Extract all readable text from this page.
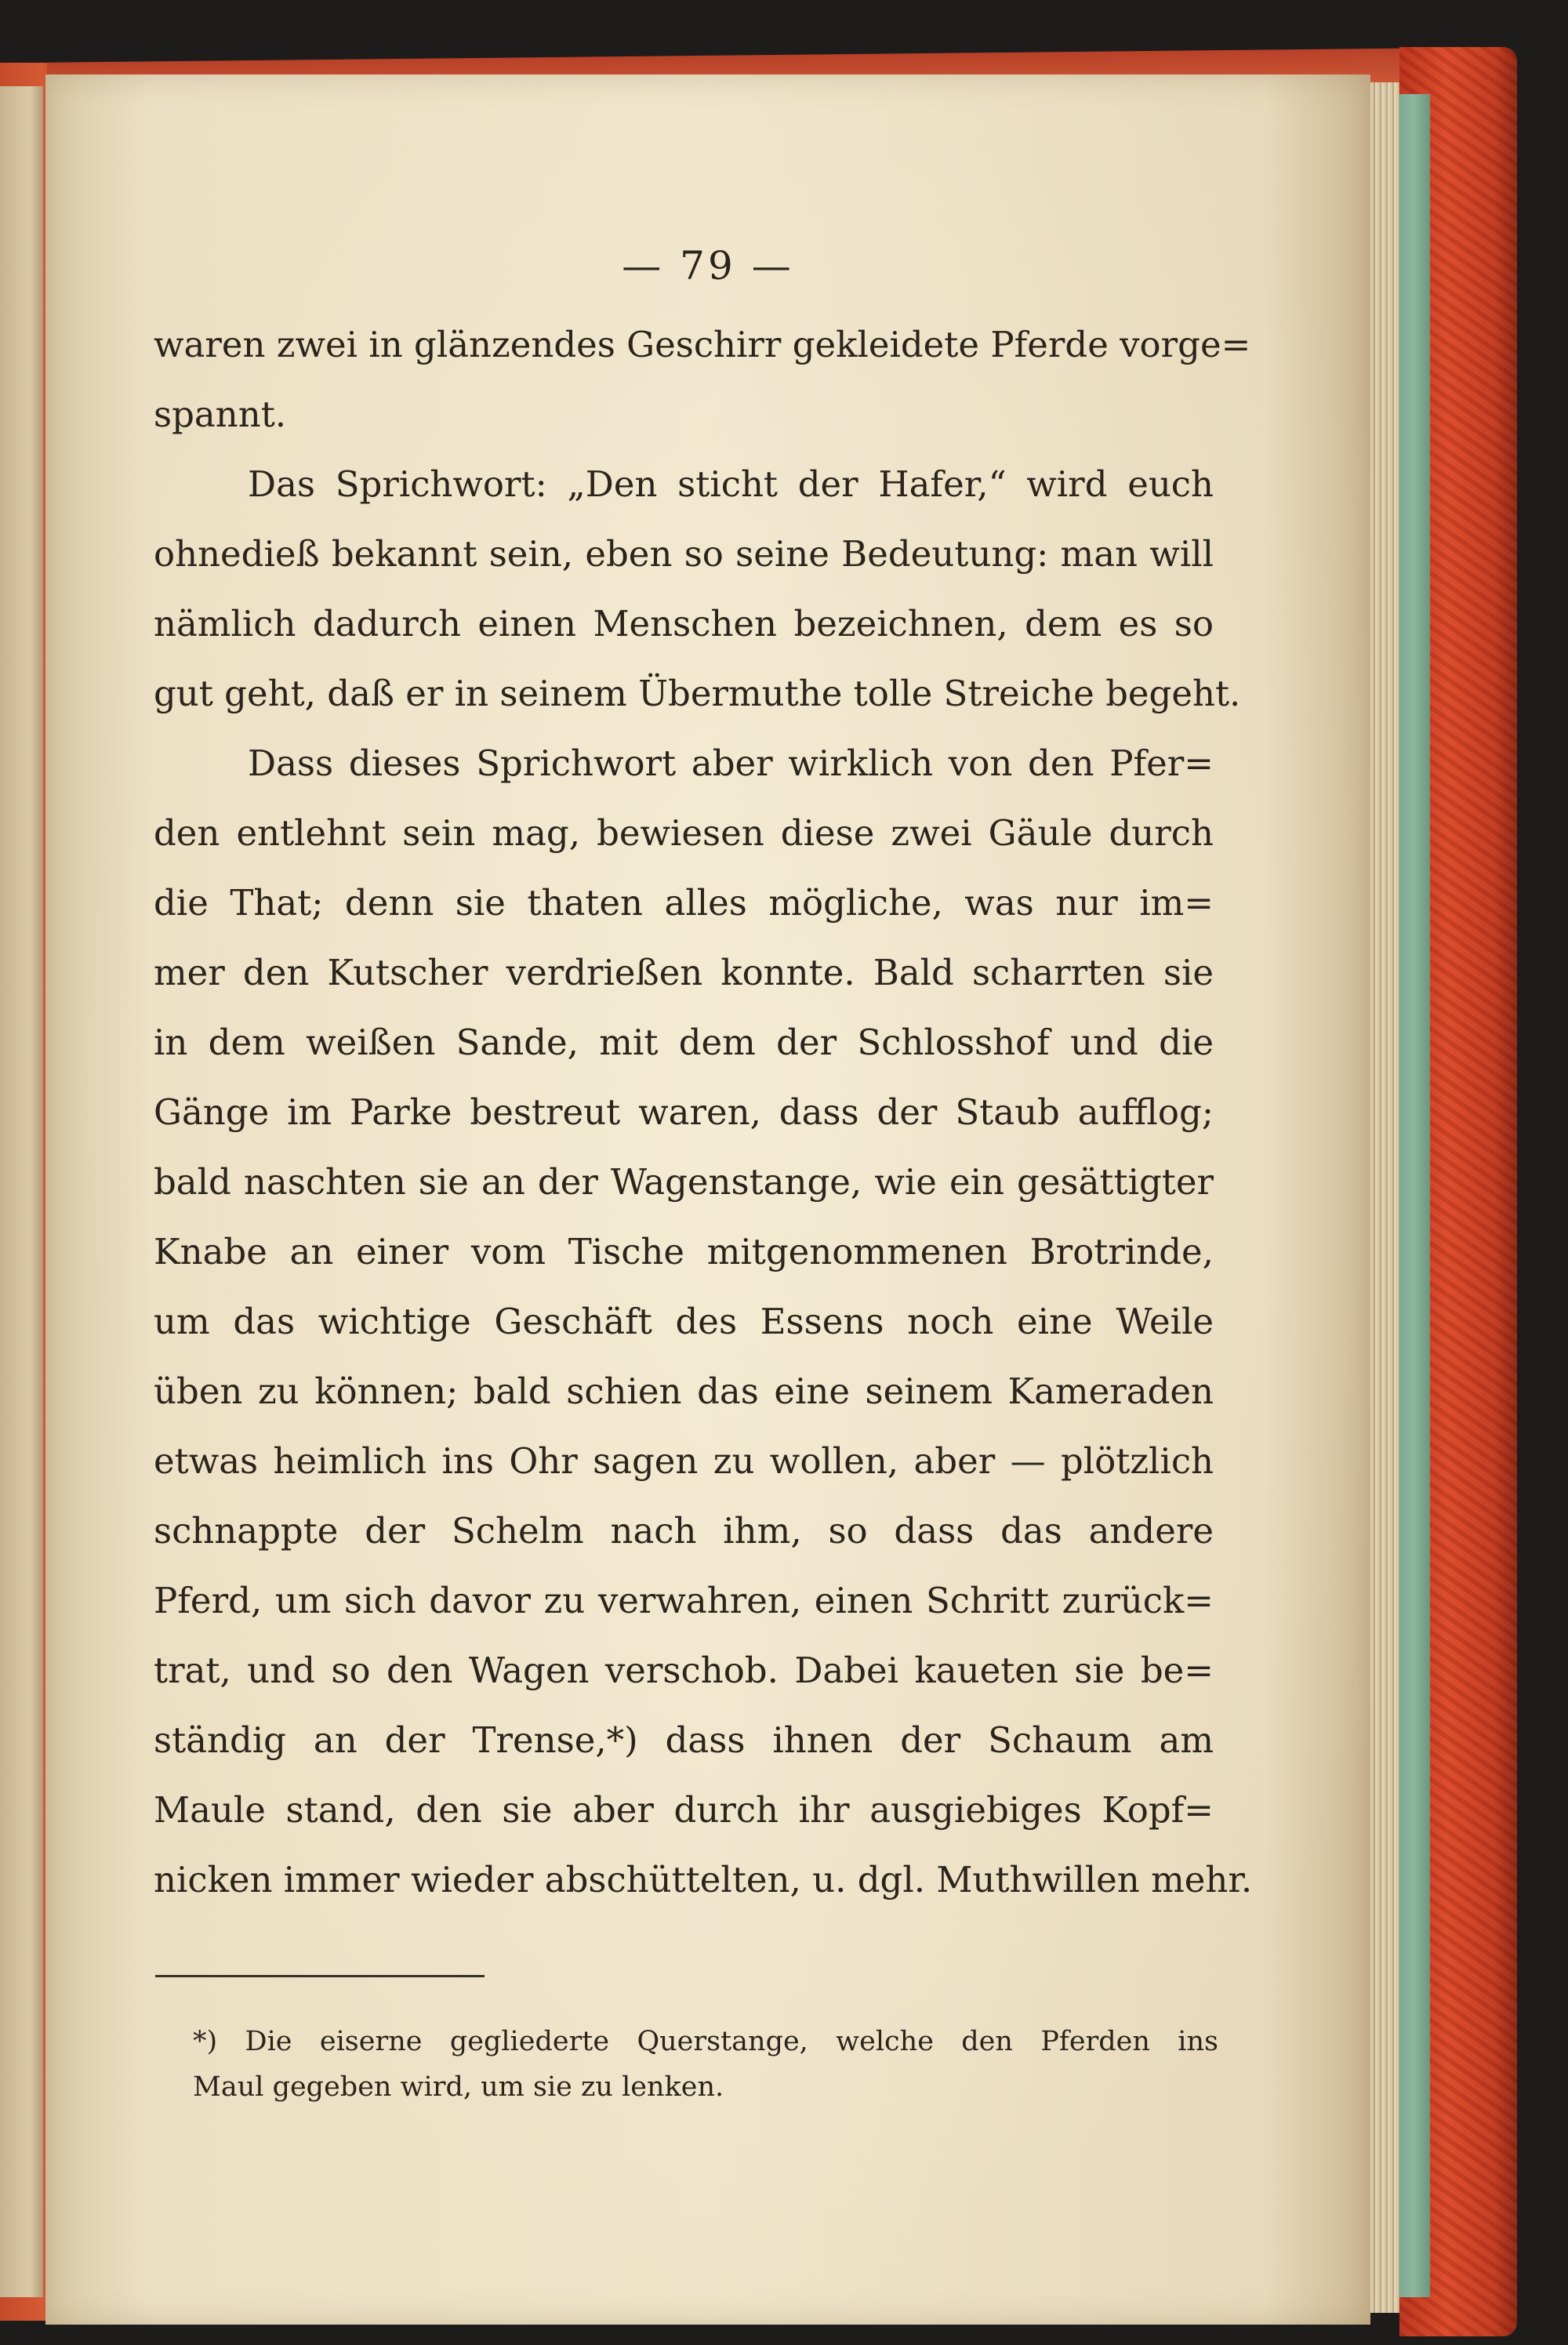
— 79 —
waren zwei in glänzendes Geschirr gekleidete Pferde vorge=
spannt.
Das Sprichwort: „Den sticht der Hafer,“ wird euch
ohnedieß bekannt sein, eben so seine Bedeutung: man will
nämlich dadurch einen Menschen bezeichnen, dem es so
gut geht, daß er in seinem Übermuthe tolle Streiche begeht.
Dass dieses Sprichwort aber wirklich von den Pfer=
den entlehnt sein mag, bewiesen diese zwei Gäule durch
die That; denn sie thaten alles mögliche, was nur im=
mer den Kutscher verdrießen konnte. Bald scharrten sie
in dem weißen Sande, mit dem der Schlosshof und die
Gänge im Parke bestreut waren, dass der Staub aufflog;
bald naschten sie an der Wagenstange, wie ein gesättigter
Knabe an einer vom Tische mitgenommenen Brotrinde,
um das wichtige Geschäft des Essens noch eine Weile
üben zu können; bald schien das eine seinem Kameraden
etwas heimlich ins Ohr sagen zu wollen, aber — plötzlich
schnappte der Schelm nach ihm, so dass das andere
Pferd, um sich davor zu verwahren, einen Schritt zurück=
trat, und so den Wagen verschob. Dabei kaueten sie be=
ständig an der Trense,*) dass ihnen der Schaum am
Maule stand, den sie aber durch ihr ausgiebiges Kopf=
nicken immer wieder abschüttelten, u. dgl. Muthwillen mehr.
*) Die eiserne gegliederte Querstange, welche den Pferden ins
Maul gegeben wird, um sie zu lenken.
